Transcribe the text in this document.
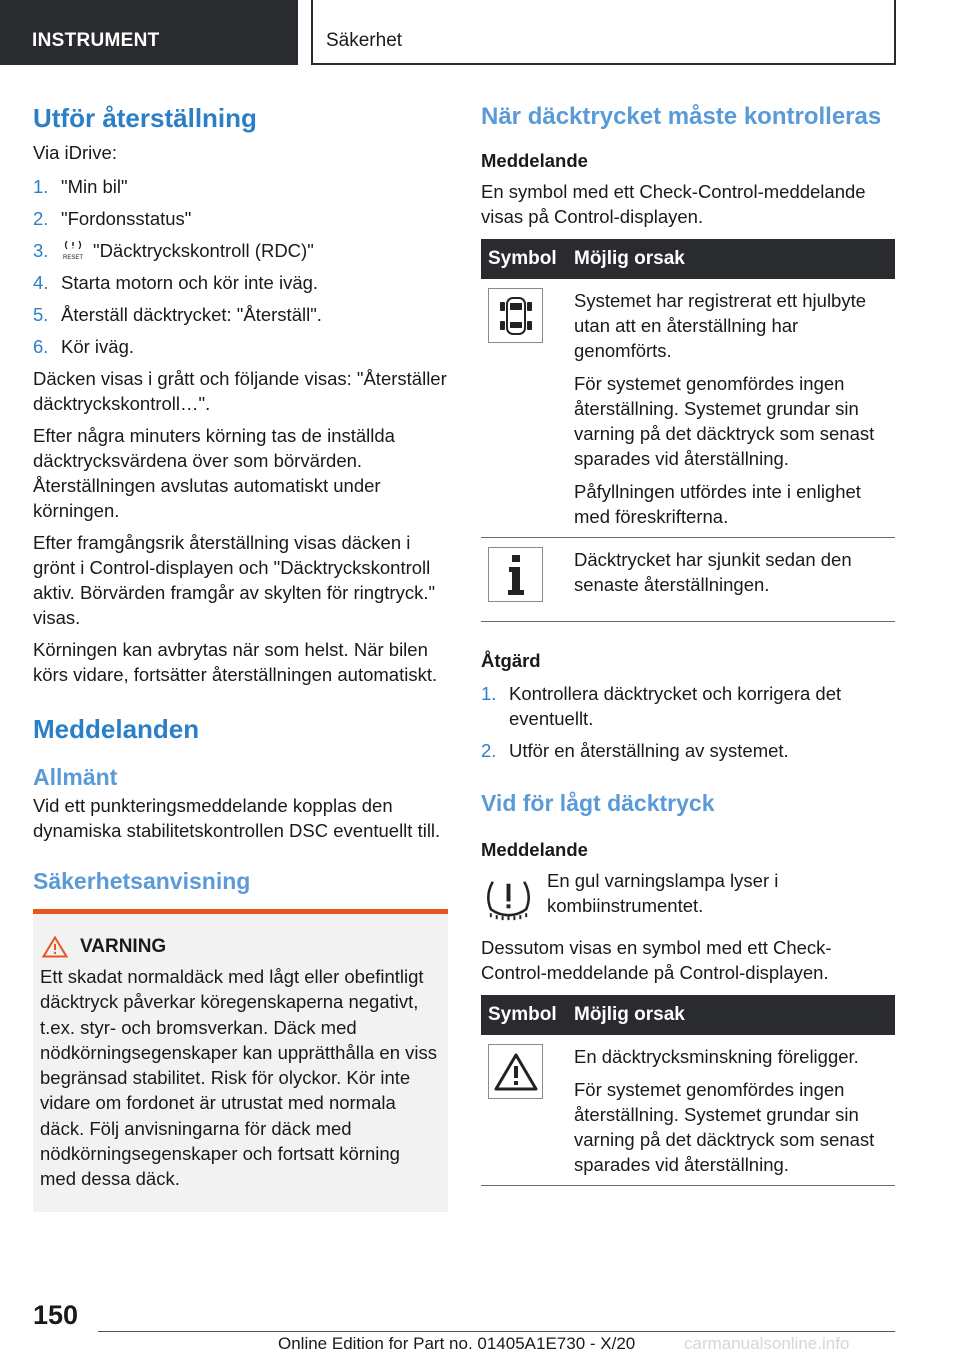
INSTRUMENT	Säkerhet
Utför återställning
Via iDrive:
1. "Min bil"
2. "Fordonsstatus"
3. RESET "Däcktryckskontroll (RDC)"
4. Starta motorn och kör inte iväg.
5. Återställ däcktrycket: "Återställ".
6. Kör iväg.

Däcken visas i grått och följande visas: "Återställer däcktryckskontroll…".

Efter några minuters körning tas de inställda däcktrycksvärdena över som börvärden. Återställningen avslutas automatiskt under körningen.

Efter framgångsrik återställning visas däcken i grönt i Control-displayen och "Däcktryckskontroll aktiv. Börvärden framgår av skylten för ringtryck." visas.

Körningen kan avbrytas när som helst. När bilen körs vidare, fortsätter återställningen automatiskt.

Meddelanden
Allmänt

Vid ett punkteringsmeddelande kopplas den dynamiska stabilitetskontrollen DSC eventuellt till.

Säkerhetsanvisning
VARNING

Ett skadat normaldäck med lågt eller obefintligt däcktryck påverkar köregenskaperna negativt, t.ex. styr- och bromsverkan. Däck med nödkörningsegenskaper kan upprätthålla en viss begränsad stabilitet. Risk för olyckor. Kör inte vidare om fordonet är utrustat med normala däck. Följ anvisningarna för däck med nödkörningsegenskaper och fortsatt körning med dessa däck.

När däcktrycket måste kontrolleras
Meddelande

En symbol med ett Check-Control-meddelande visas på Control-displayen.

Symbol	Möjlig orsak

Systemet har registrerat ett hjulbyte utan att en återställning har genomförts.

För systemet genomfördes ingen återställning. Systemet grundar sin varning på det däcktryck som senast sparades vid återställning.

Påfyllningen utfördes inte i enlighet med föreskrifterna.

Däcktrycket har sjunkit sedan den senaste återställningen.

Åtgärd
1. Kontrollera däcktrycket och korrigera det eventuellt.
2. Utför en återställning av systemet.
Vid för lågt däcktryck
Meddelande
En gul varningslampa lyser i kombiinstrumentet.

Dessutom visas en symbol med ett Check-Control-meddelande på Control-displayen.

Symbol	Möjlig orsak

En däcktrycksminskning föreligger.

För systemet genomfördes ingen återställning. Systemet grundar sin varning på det däcktryck som senast sparades vid återställning.

150
Online Edition for Part no. 01405A1E730 - X/20	carmanualsonline.info
